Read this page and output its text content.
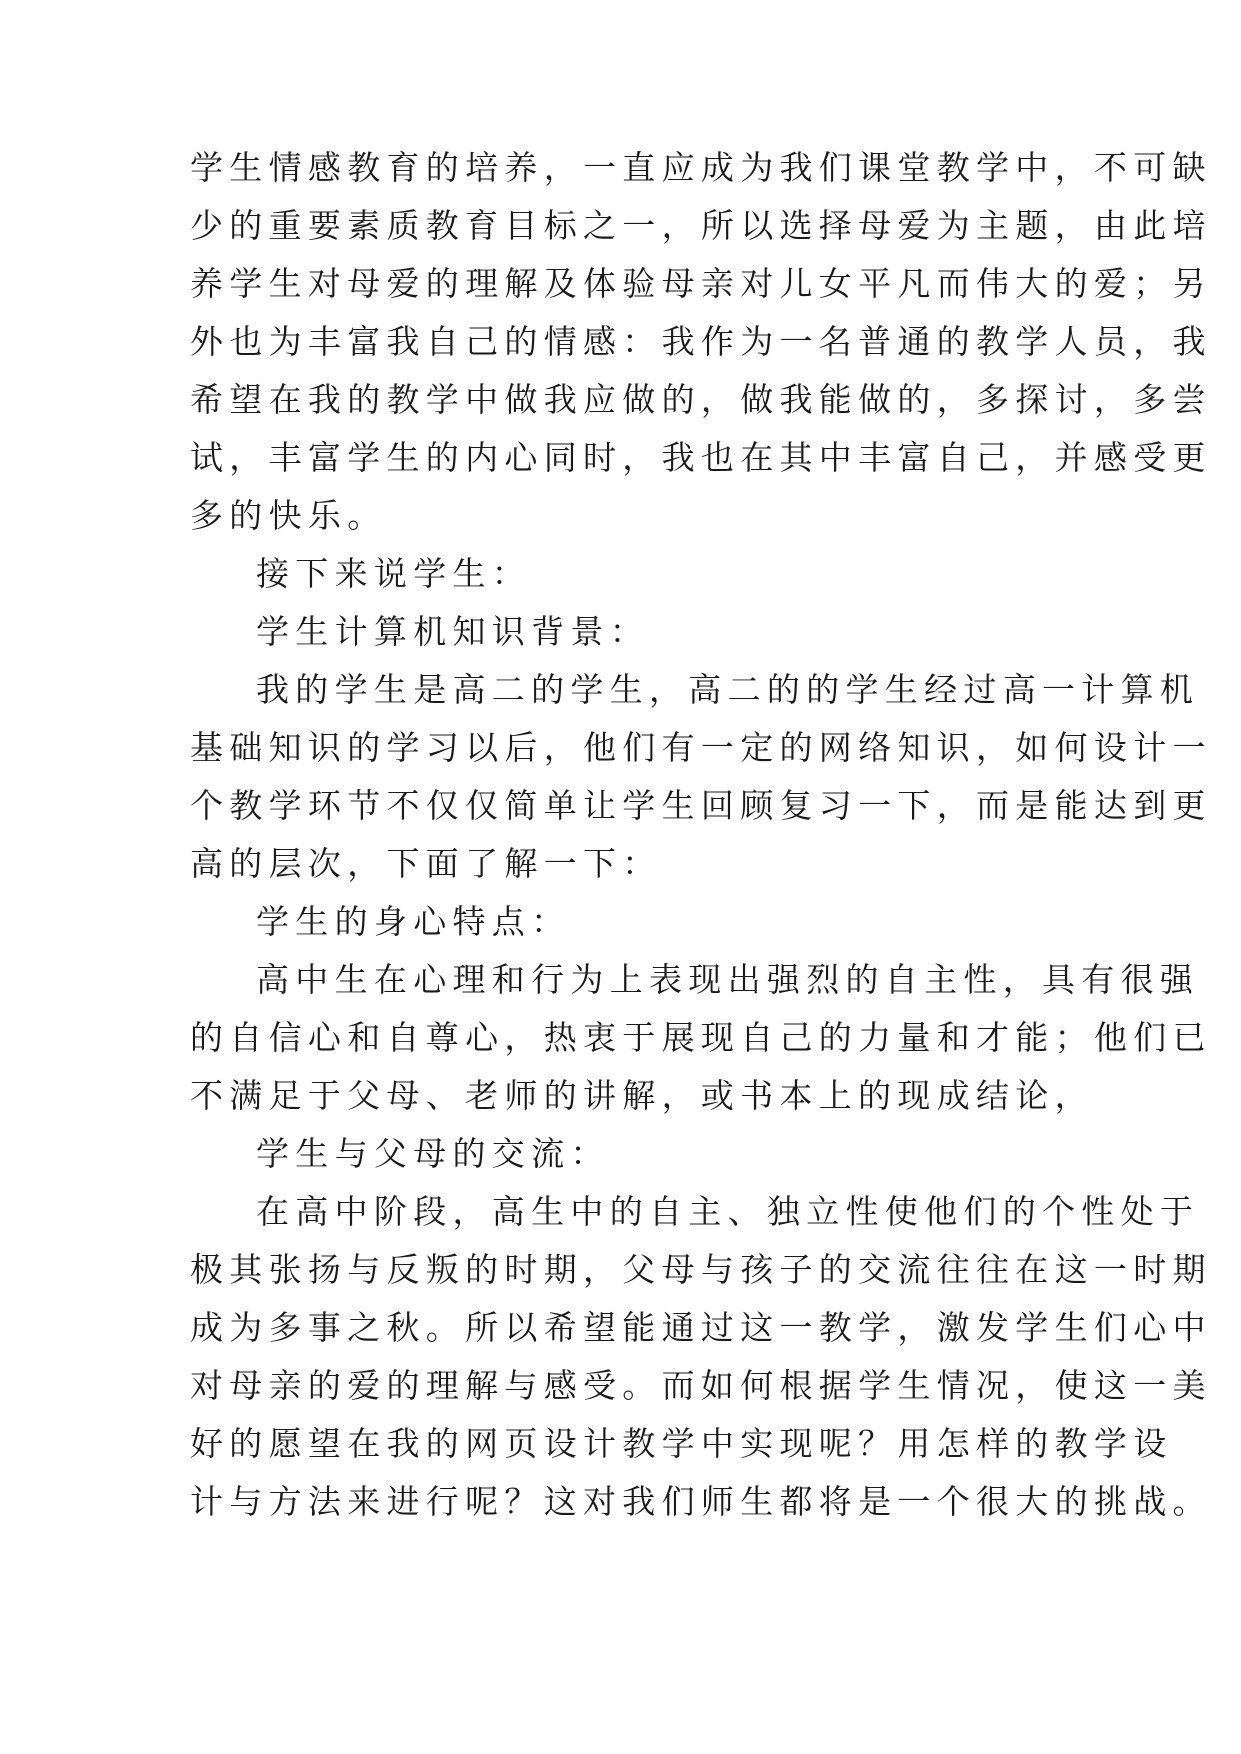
学生情感教育的培养，一直应成为我们课堂教学中，不可缺
少的重要素质教育目标之一，所以选择母爱为主题，由此培
养学生对母爱的理解及体验母亲对儿女平凡而伟大的爱；另
外也为丰富我自己的情感：我作为一名普通的教学人员，我
希望在我的教学中做我应做的，做我能做的，多探讨，多尝
试，丰富学生的内心同时，我也在其中丰富自己，并感受更
多的快乐。
接下来说学生：
学生计算机知识背景：
我的学生是高二的学生，高二的的学生经过高一计算机
基础知识的学习以后，他们有一定的网络知识，如何设计一
个教学环节不仅仅简单让学生回顾复习一下，而是能达到更
高的层次，下面了解一下：
学生的身心特点：
高中生在心理和行为上表现出强烈的自主性，具有很强
的自信心和自尊心，热衷于展现自己的力量和才能；他们已
不满足于父母、老师的讲解，或书本上的现成结论，
学生与父母的交流：
在高中阶段，高生中的自主、独立性使他们的个性处于
极其张扬与反叛的时期，父母与孩子的交流往往在这一时期
成为多事之秋。所以希望能通过这一教学，激发学生们心中
对母亲的爱的理解与感受。而如何根据学生情况，使这一美
好的愿望在我的网页设计教学中实现呢？用怎样的教学设
计与方法来进行呢？这对我们师生都将是一个很大的挑战。
